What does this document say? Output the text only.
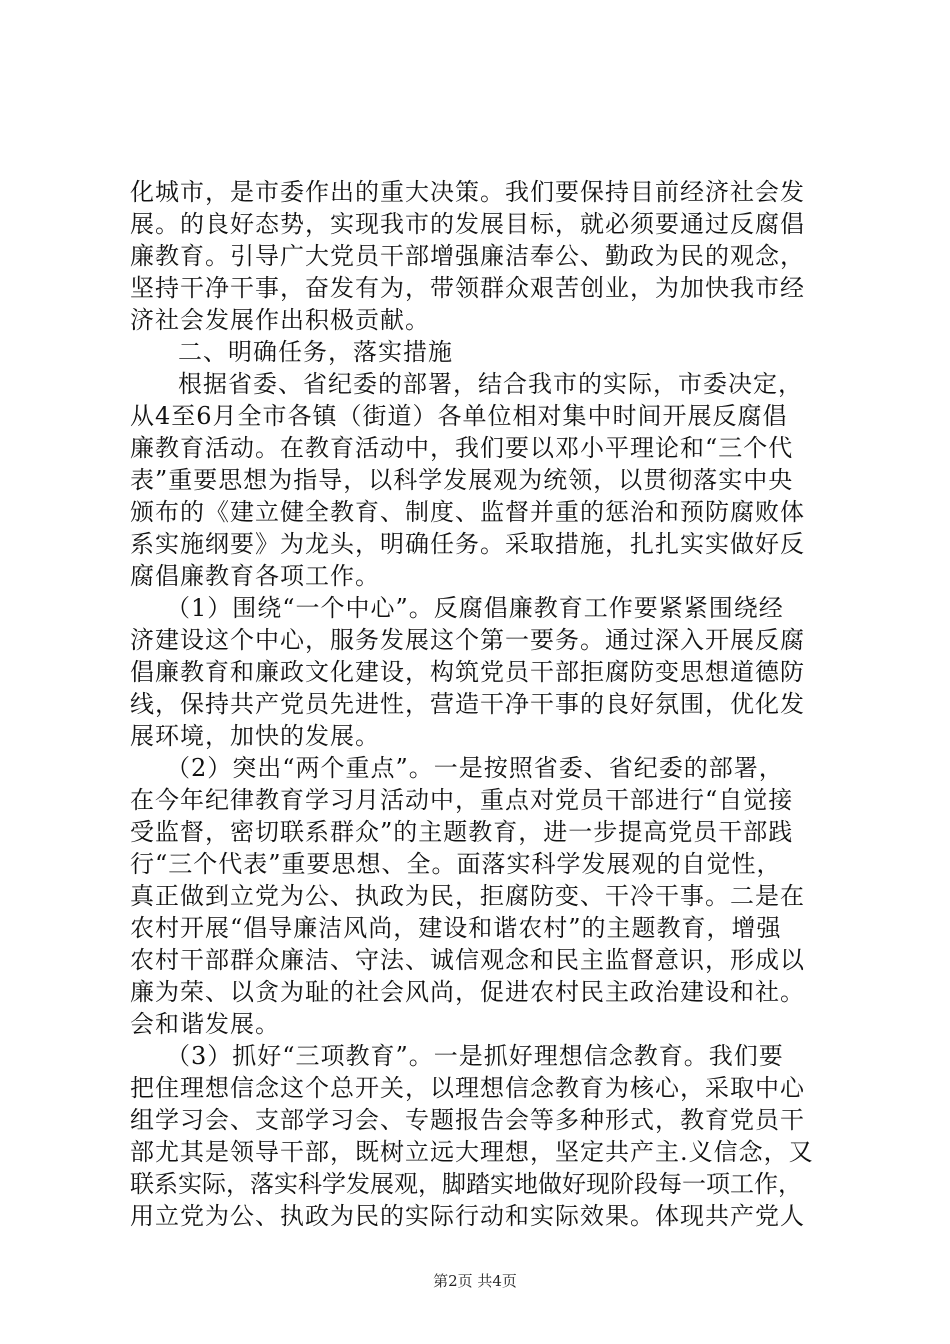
化城市，是市委作出的重大决策。我们要保持目前经济社会发
展。的良好态势，实现我市的发展目标，就必须要通过反腐倡
廉教育。引导广大党员干部增强廉洁奉公、勤政为民的观念，
坚持干净干事，奋发有为，带领群众艰苦创业，为加快我市经
济社会发展作出积极贡献。
二、明确任务，落实措施
根据省委、省纪委的部署，结合我市的实际，市委决定，
从4至6月全市各镇（街道）各单位相对集中时间开展反腐倡
廉教育活动。在教育活动中，我们要以邓小平理论和“三个代
表”重要思想为指导，以科学发展观为统领，以贯彻落实中央
颁布的《建立健全教育、制度、监督并重的惩治和预防腐败体
系实施纲要》为龙头，明确任务。采取措施，扎扎实实做好反
腐倡廉教育各项工作。
（1）围绕“一个中心”。反腐倡廉教育工作要紧紧围绕经
济建设这个中心，服务发展这个第一要务。通过深入开展反腐
倡廉教育和廉政文化建设，构筑党员干部拒腐防变思想道德防
线，保持共产党员先进性，营造干净干事的良好氛围，优化发
展环境，加快的发展。
（2）突出“两个重点”。一是按照省委、省纪委的部署，
在今年纪律教育学习月活动中，重点对党员干部进行“自觉接
受监督，密切联系群众”的主题教育，进一步提高党员干部践
行“三个代表”重要思想、全。面落实科学发展观的自觉性，
真正做到立党为公、执政为民，拒腐防变、干冷干事。二是在
农村开展“倡导廉洁风尚，建设和谐农村”的主题教育，增强
农村干部群众廉洁、守法、诚信观念和民主监督意识，形成以
廉为荣、以贪为耻的社会风尚，促进农村民主政治建设和社。
会和谐发展。
（3）抓好“三项教育”。一是抓好理想信念教育。我们要
把住理想信念这个总开关，以理想信念教育为核心，采取中心
组学习会、支部学习会、专题报告会等多种形式，教育党员干
部尤其是领导干部，既树立远大理想，坚定共产主.义信念，又
联系实际，落实科学发展观，脚踏实地做好现阶段每一项工作，
用立党为公、执政为民的实际行动和实际效果。体现共产党人
第2页 共4页
